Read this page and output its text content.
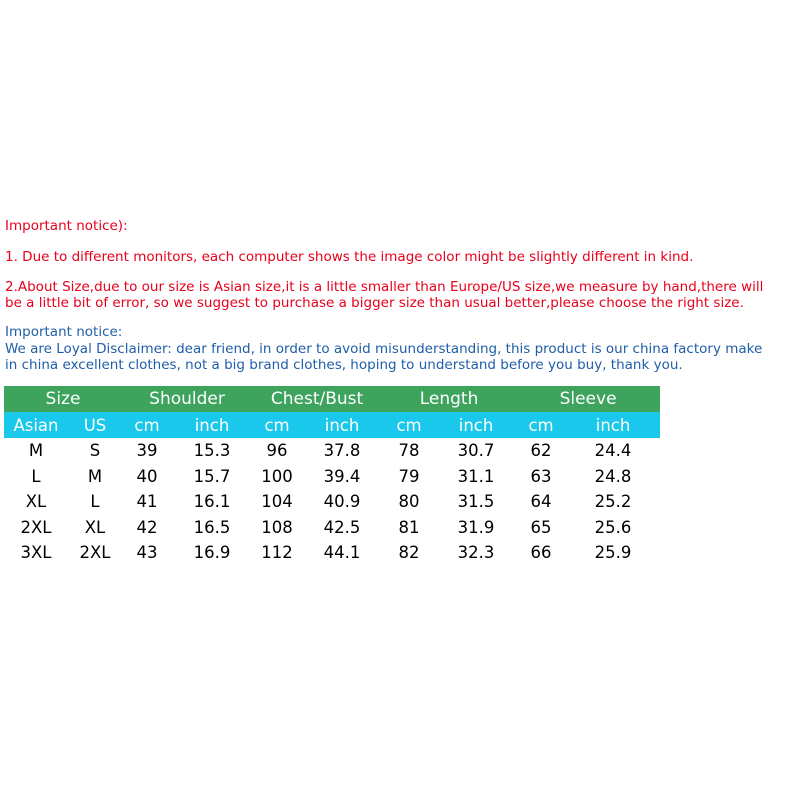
Important notice):
1. Due to different monitors, each computer shows the image color might be slightly different in kind.
2.About Size,due to our size is Asian size,it is a little smaller than Europe/US size,we measure by hand,there will
be a little bit of error, so we suggest to purchase a bigger size than usual better,please choose the right size.
Important notice:
We are Loyal Disclaimer: dear friend, in order to avoid misunderstanding, this product is our china factory make
in china excellent clothes, not a big brand clothes, hoping to understand before you buy, thank you.
Size		Shoulder		Chest/Bust		Length		Sleeve	
Asian	US	cm	inch	cm	inch	cm	inch	cm	inch
M	S	39	15.3	96	37.8	78	30.7	62	24.4
L	M	40	15.7	100	39.4	79	31.1	63	24.8
XL	L	41	16.1	104	40.9	80	31.5	64	25.2
2XL	XL	42	16.5	108	42.5	81	31.9	65	25.6
3XL	2XL	43	16.9	112	44.1	82	32.3	66	25.9
